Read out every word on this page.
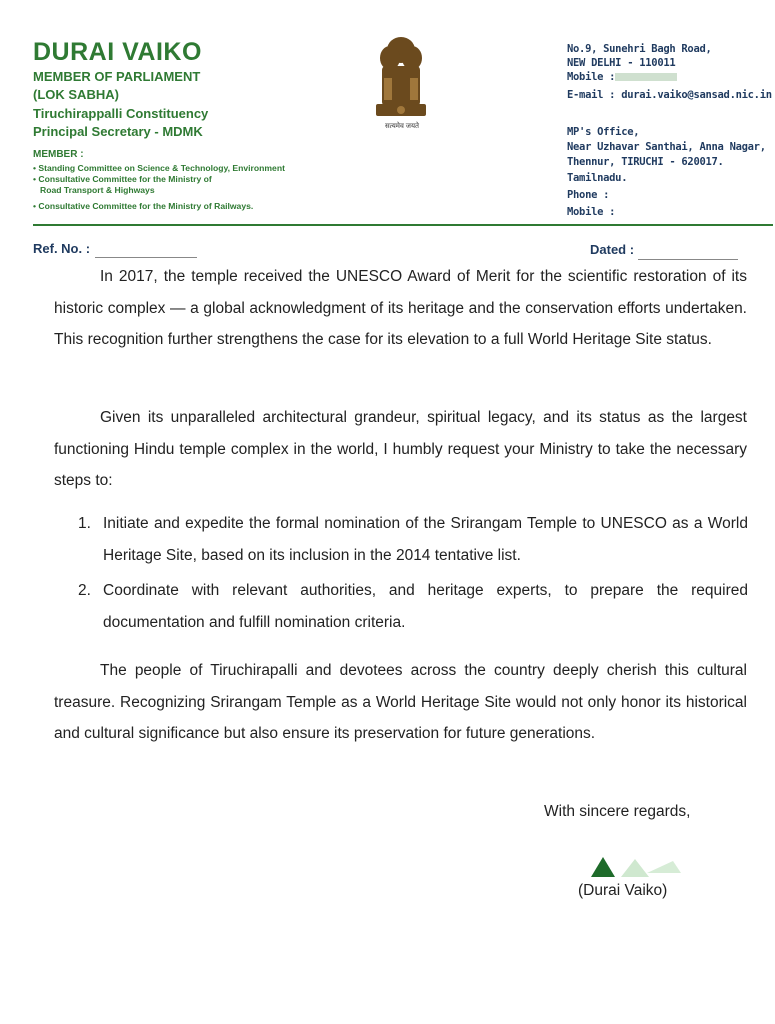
DURAI VAIKO
MEMBER OF PARLIAMENT
(LOK SABHA)
Tiruchirappalli Constituency
Principal Secretary - MDMK
MEMBER :
• Standing Committee on Science & Technology, Environment
• Consultative Committee for the Ministry of
Road Transport & Highways
• Consultative Committee for the Ministry of Railways.
सत्यमेव जयते
No.9, Sunehri Bagh Road,
NEW DELHI - 110011
Mobile :
E-mail : durai.vaiko@sansad.nic.in
MP's Office,
Near Uzhavar Santhai, Anna Nagar,
Thennur, TIRUCHI - 620017.
Tamilnadu.
Phone :
Mobile :
Ref. No. :	Dated :
In 2017, the temple received the UNESCO Award of Merit for the scientific restoration of its historic complex — a global acknowledgment of its heritage and the conservation efforts undertaken. This recognition further strengthens the case for its elevation to a full World Heritage Site status.
Given its unparalleled architectural grandeur, spiritual legacy, and its status as the largest functioning Hindu temple complex in the world, I humbly request your Ministry to take the necessary steps to:
1. Initiate and expedite the formal nomination of the Srirangam Temple to UNESCO as a World Heritage Site, based on its inclusion in the 2014 tentative list.
2. Coordinate with relevant authorities, and heritage experts, to prepare the required documentation and fulfill nomination criteria.
The people of Tiruchirapalli and devotees across the country deeply cherish this cultural treasure. Recognizing Srirangam Temple as a World Heritage Site would not only honor its historical and cultural significance but also ensure its preservation for future generations.
With sincere regards,
(Durai Vaiko)
